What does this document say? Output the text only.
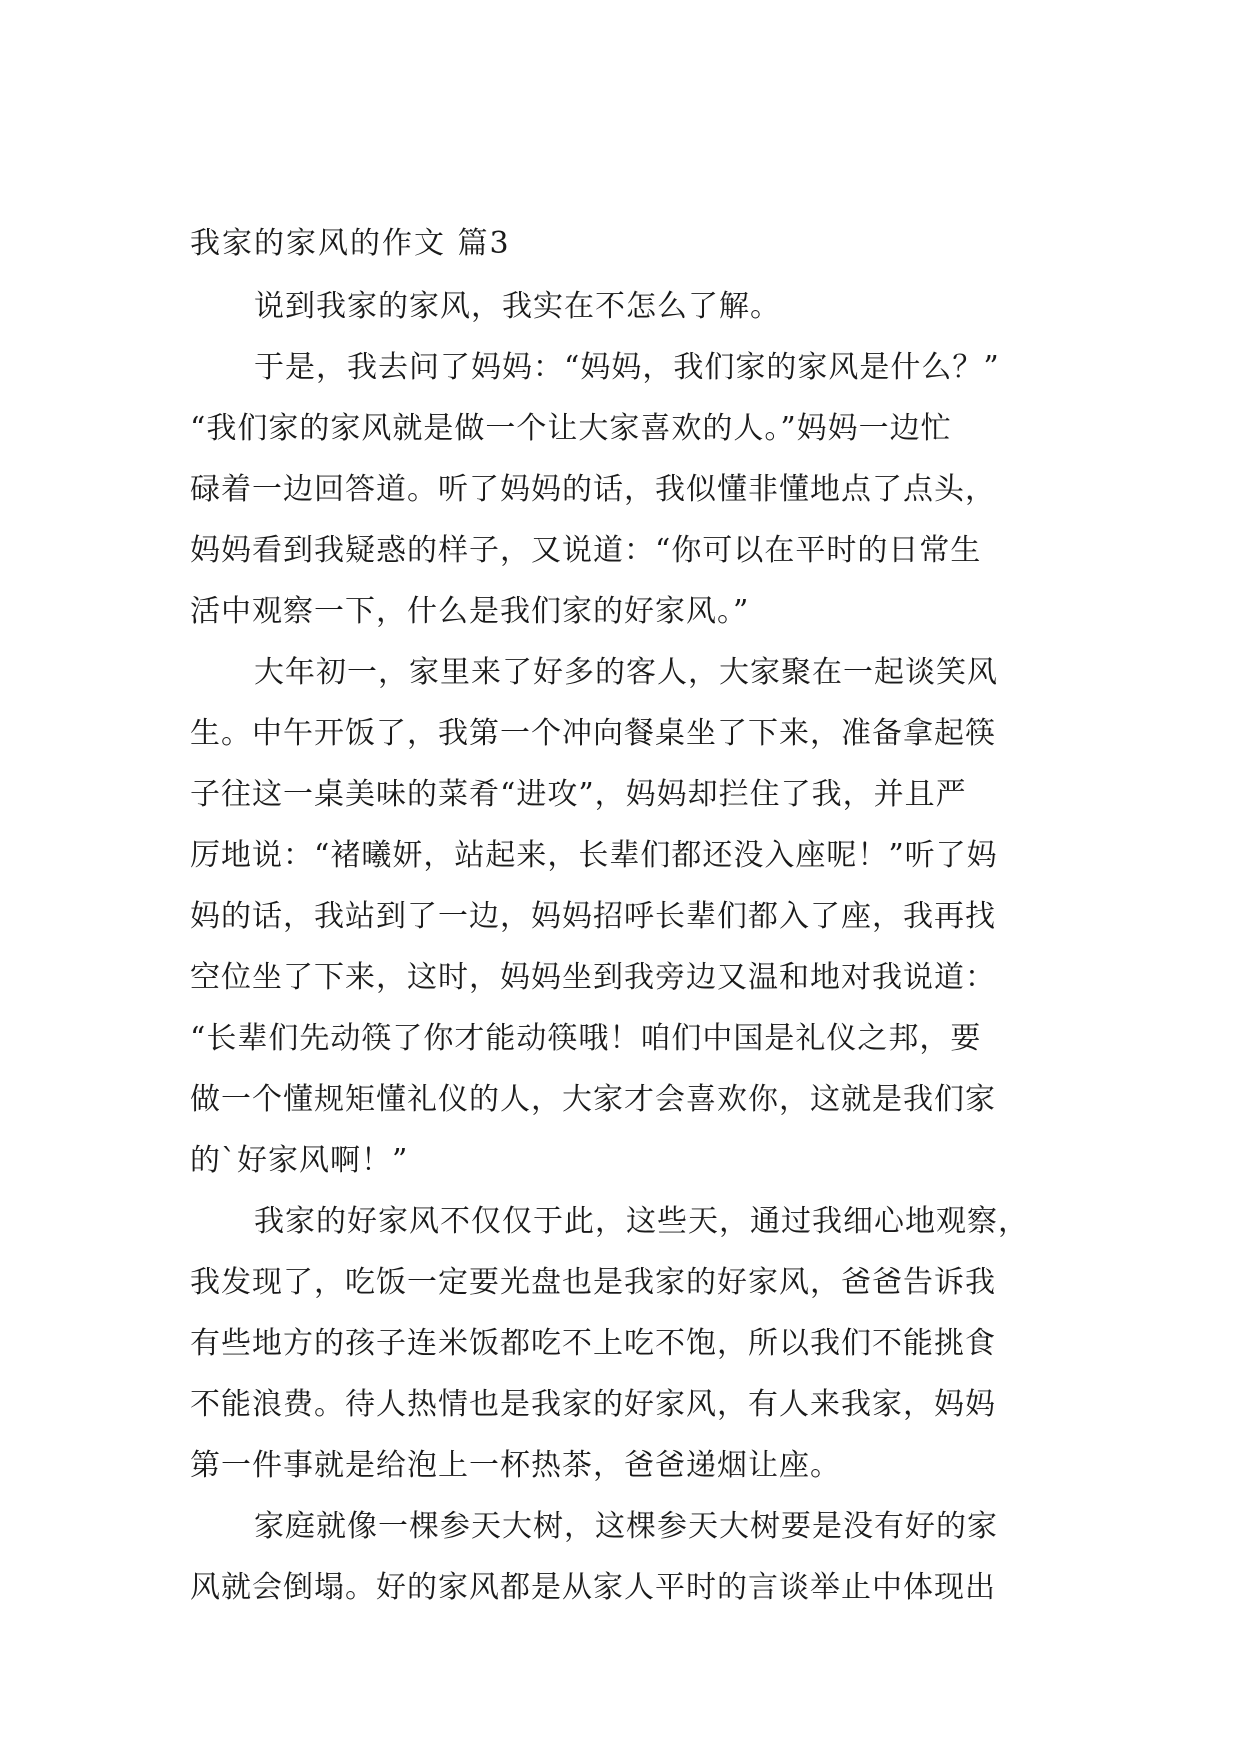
我家的家风的作文 篇3
说到我家的家风，我实在不怎么了解。
于是，我去问了妈妈：“妈妈，我们家的家风是什么？”
“我们家的家风就是做一个让大家喜欢的人。”妈妈一边忙
碌着一边回答道。听了妈妈的话，我似懂非懂地点了点头，
妈妈看到我疑惑的样子，又说道：“你可以在平时的日常生
活中观察一下，什么是我们家的好家风。”
大年初一，家里来了好多的客人，大家聚在一起谈笑风
生。中午开饭了，我第一个冲向餐桌坐了下来，准备拿起筷
子往这一桌美味的菜肴“进攻”，妈妈却拦住了我，并且严
厉地说：“褚曦妍，站起来，长辈们都还没入座呢！”听了妈
妈的话，我站到了一边，妈妈招呼长辈们都入了座，我再找
空位坐了下来，这时，妈妈坐到我旁边又温和地对我说道：
“长辈们先动筷了你才能动筷哦！咱们中国是礼仪之邦，要
做一个懂规矩懂礼仪的人，大家才会喜欢你，这就是我们家
的`好家风啊！”
我家的好家风不仅仅于此，这些天，通过我细心地观察，
我发现了，吃饭一定要光盘也是我家的好家风，爸爸告诉我
有些地方的孩子连米饭都吃不上吃不饱，所以我们不能挑食
不能浪费。待人热情也是我家的好家风，有人来我家，妈妈
第一件事就是给泡上一杯热茶，爸爸递烟让座。
家庭就像一棵参天大树，这棵参天大树要是没有好的家
风就会倒塌。好的家风都是从家人平时的言谈举止中体现出
